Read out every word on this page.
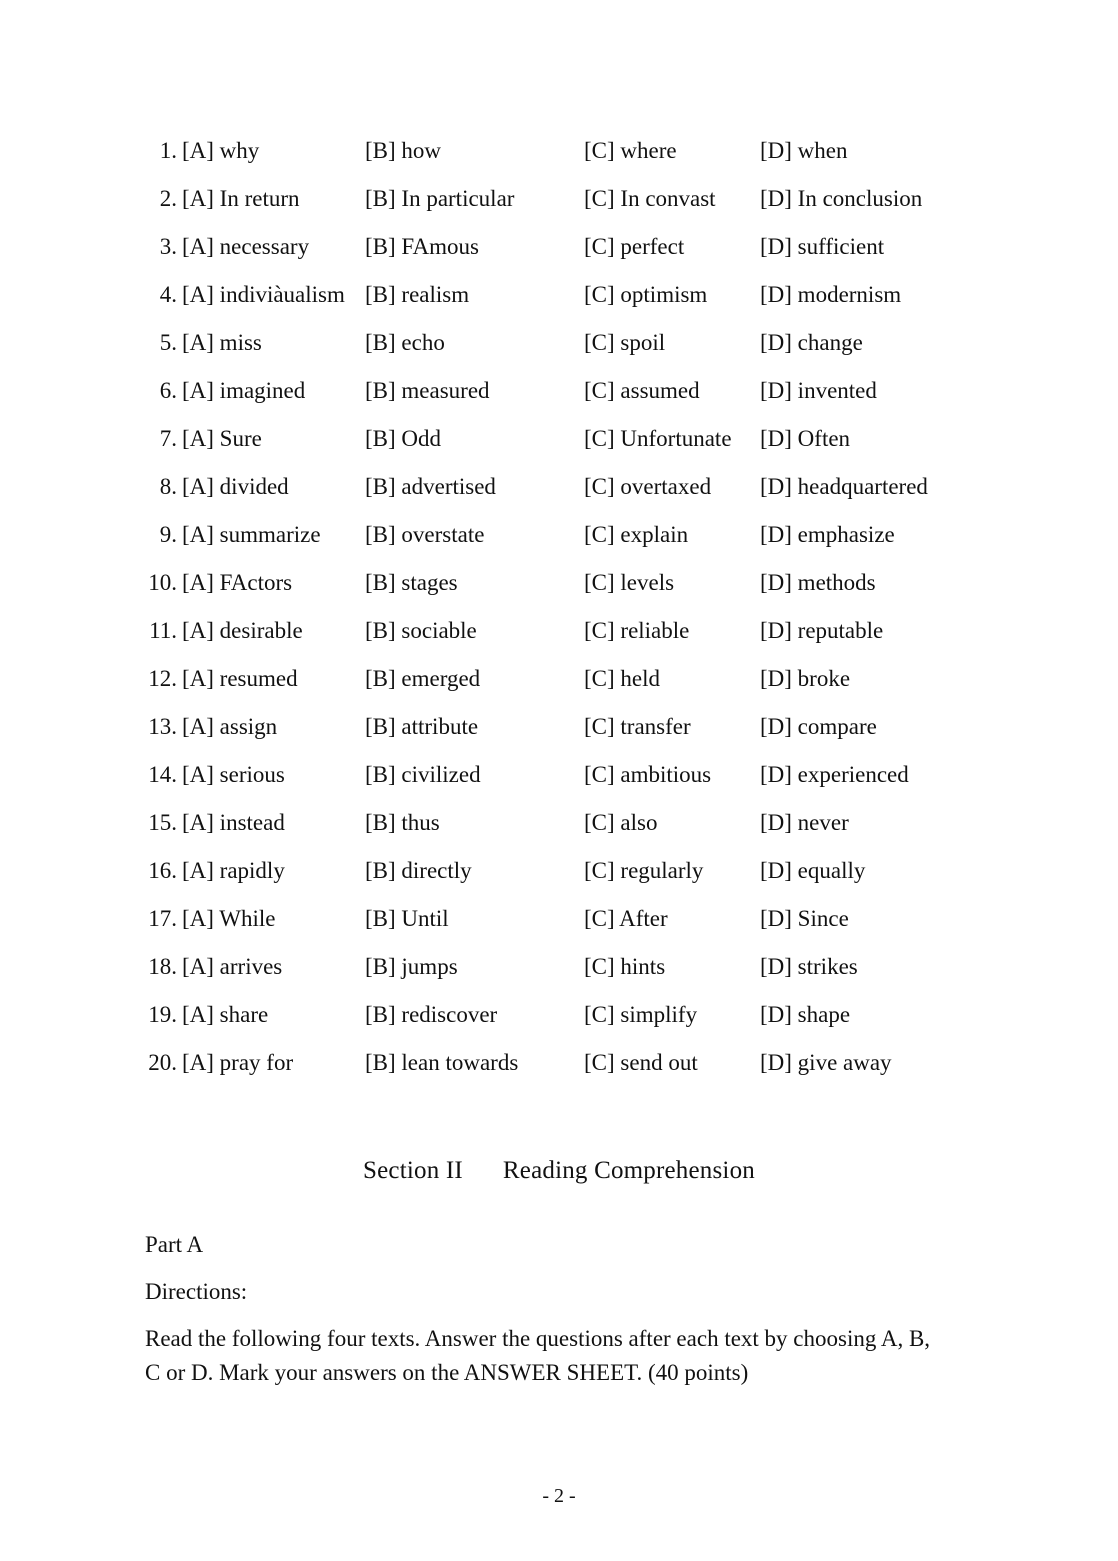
1. [A] why	[B] how	[C] where	[D] when
2. [A] In return	[B] In particular	[C] In convast [D] In conclusion
3. [A] necessary [B] FAmous	[C] perfect	[D] sufficient
4. [A] indiviàualism [B] realism	[C] optimism [D] modernism
5. [A] miss	[B] echo	[C] spoil	[D] change
6. [A] imagined	[B] measured	[C] assumed	[D] invented
7. [A] Sure	[B] Odd	[C] Unfortunate [D] Often
8. [A] divided	[B] advertised	[C] overtaxed [D] headquartered
9. [A] summarize [B] overstate	[C] explain	[D] emphasize
10. [A] FActors	[B] stages	[C] levels	[D] methods
11. [A] desirable	[B] sociable	[C] reliable	[D] reputable
12. [A] resumed	[B] emerged	[C] held	[D] broke
13. [A] assign	[B] attribute	[C] transfer	[D] compare
14. [A] serious	[B] civilized	[C] ambitious [D] experienced
15. [A] instead	[B] thus	[C] also	[D] never
16. [A] rapidly	[B] directly	[C] regularly [D] equally
17. [A] While	[B] Until	[C] After	[D] Since
18. [A] arrives	[B] jumps	[C] hints	[D] strikes
19. [A] share	[B] rediscover	[C] simplify	[D] shape
20. [A] pray for	[B] lean towards	[C] send out	[D] give away
Section II Reading Comprehension
Part A
Directions:
Read the following four texts. Answer the questions after each text by choosing A, B, C or D. Mark your answers on the ANSWER SHEET. (40 points)
- 2 -
